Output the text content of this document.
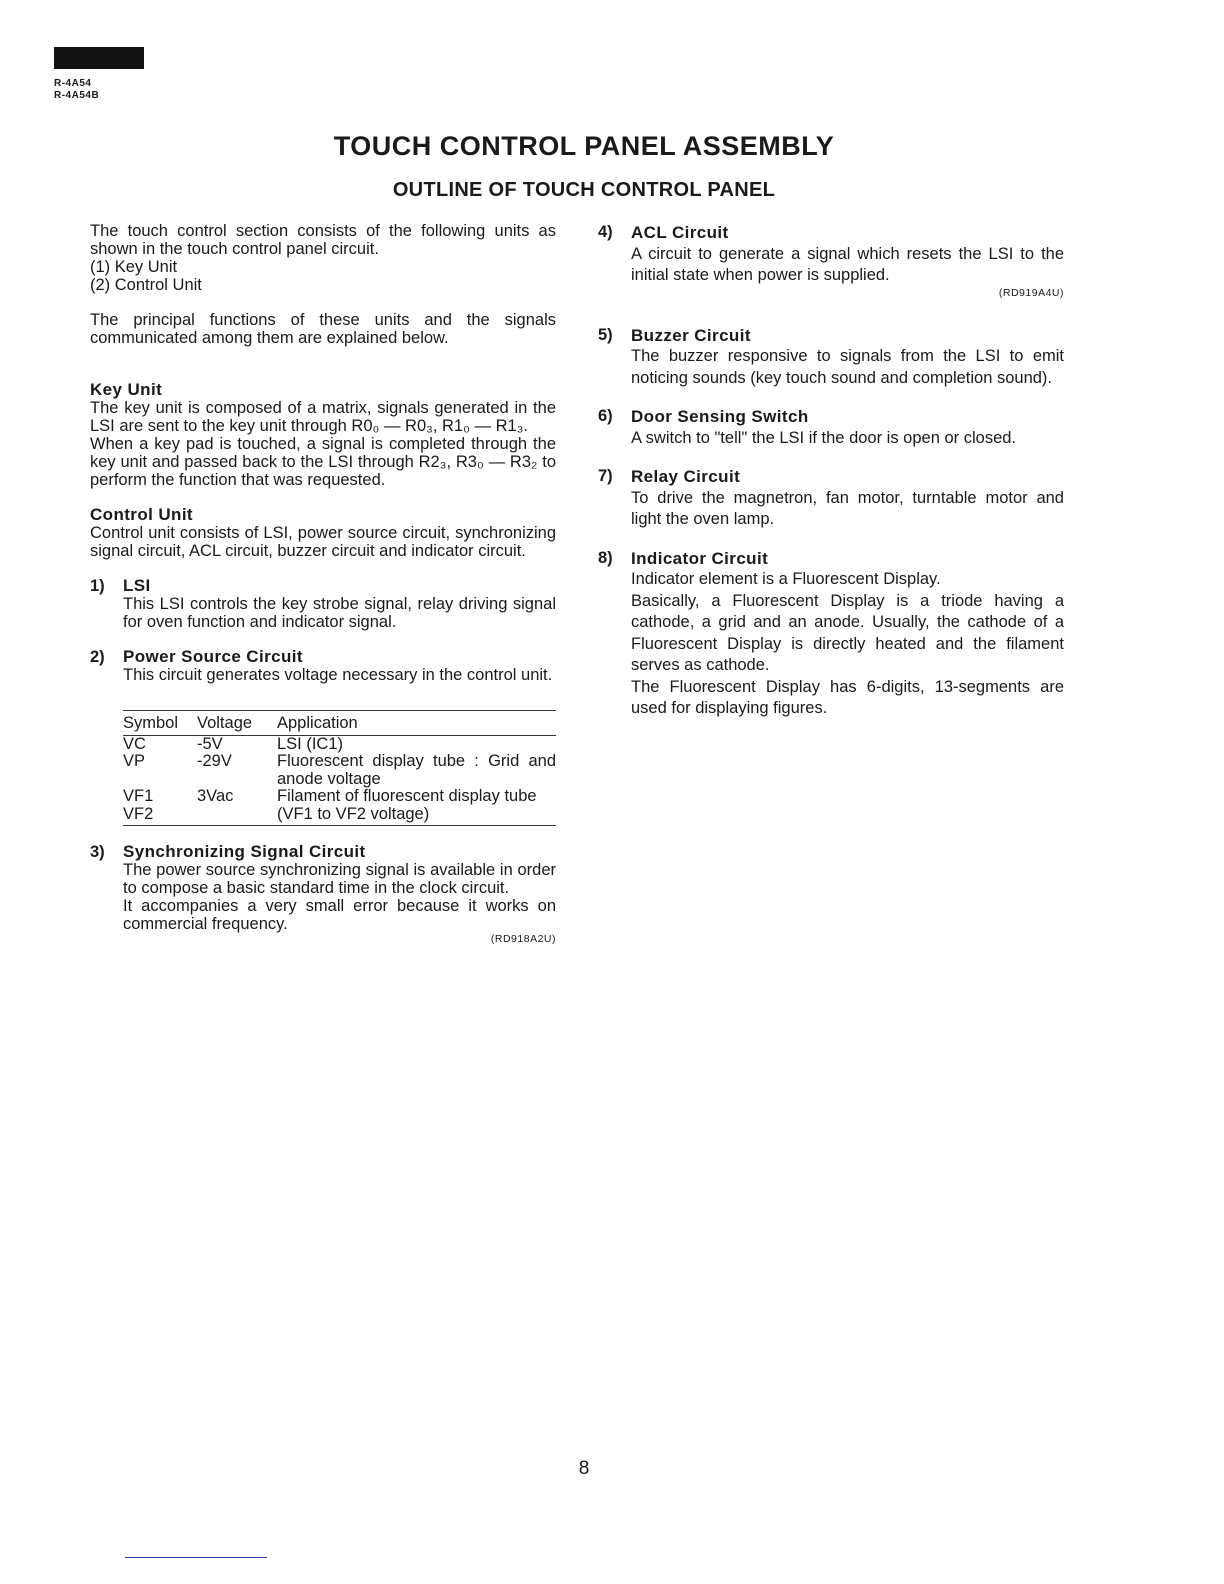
R-4A54
R-4A54B
TOUCH CONTROL PANEL ASSEMBLY
OUTLINE OF TOUCH CONTROL PANEL

The touch control section consists of the following units as shown in the touch control panel circuit.

(1) Key Unit
(2) Control Unit

The principal functions of these units and the signals communicated among them are explained below.

Key Unit

The key unit is composed of a matrix, signals generated in the LSI are sent to the key unit through R0₀ — R0₃, R1₀ — R1₃.

When a key pad is touched, a signal is completed through the key unit and passed back to the LSI through R2₃, R3₀ — R3₂ to perform the function that was requested.

Control Unit

Control unit consists of LSI, power source circuit, synchronizing signal circuit, ACL circuit, buzzer circuit and indicator circuit.

1)	LSI

This LSI controls the key strobe signal, relay driving signal for oven function and indicator signal.

2)	Power Source Circuit

This circuit generates voltage necessary in the control unit.

Symbol	Voltage	Application
VC	-5V	LSI (IC1)
VP	-29V	Fluorescent display tube : Grid and anode voltage
VF1	3Vac	Filament of fluorescent display tube
VF2		(VF1 to VF2 voltage)
3)	Synchronizing Signal Circuit

The power source synchronizing signal is available in order to compose a basic standard time in the clock circuit.

It accompanies a very small error because it works on commercial frequency.

(RD918A2U)
4)	ACL Circuit

A circuit to generate a signal which resets the LSI to the initial state when power is supplied.

(RD919A4U)
5)	Buzzer Circuit

The buzzer responsive to signals from the LSI to emit noticing sounds (key touch sound and completion sound).

6)	Door Sensing Switch

A switch to "tell" the LSI if the door is open or closed.

7)	Relay Circuit

To drive the magnetron, fan motor, turntable motor and light the oven lamp.

8)	Indicator Circuit

Indicator element is a Fluorescent Display.

Basically, a Fluorescent Display is a triode having a cathode, a grid and an anode. Usually, the cathode of a Fluorescent Display is directly heated and the filament serves as cathode.

The Fluorescent Display has 6-digits, 13-segments are used for displaying figures.

8
